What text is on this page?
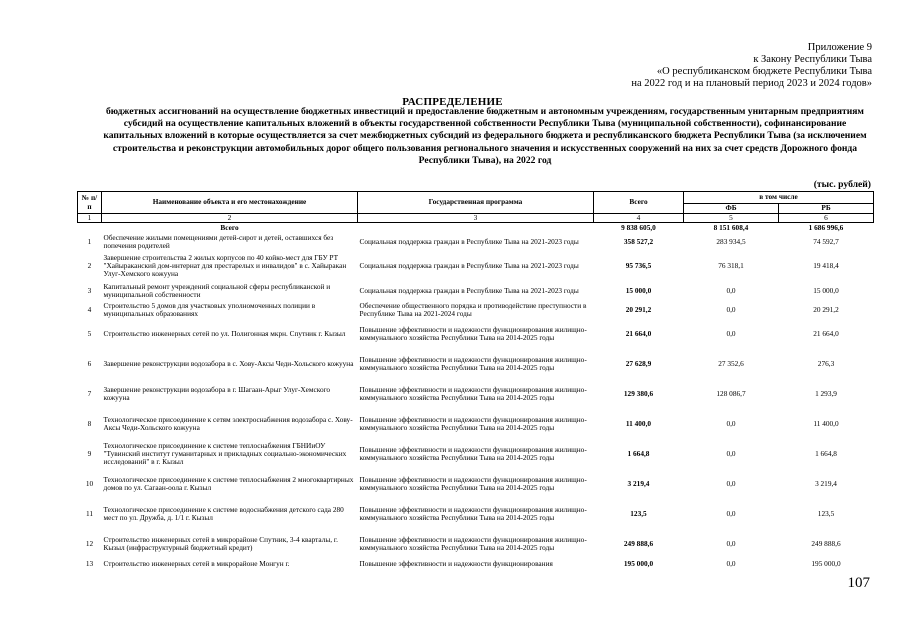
Приложение 9
к Закону Республики Тыва
«О республиканском бюджете Республики Тыва
на 2022 год и на плановый период 2023 и 2024 годов»
РАСПРЕДЕЛЕНИЕ
бюджетных ассигнований на осуществление бюджетных инвестиций и предоставление бюджетным и автономным учреждениям, государственным унитарным предприятиям субсидий на осуществление капитальных вложений в объекты государственной собственности Республики Тыва (муниципальной собственности), софинансирование капитальных вложений в которые осуществляется за счет межбюджетных субсидий из федерального бюджета и республиканского бюджета Республики Тыва (за исключением строительства и реконструкции автомобильных дорог общего пользования регионального значения и искусственных сооружений на них за счет средств Дорожного фонда Республики Тыва), на 2022 год
(тыс. рублей)
№ п/п	Наименование объекта и его местонахождение	Государственная программа	Всего	в том числе	
				ФБ	РБ
1	2	3	4	5	6
	Всего		9 838 605,0	8 151 608,4	1 686 996,6
1	Обеспечение жилыми помещениями детей-сирот и детей, оставшихся без попечения родителей	Социальная поддержка граждан в Республике Тыва на 2021-2023 годы	358 527,2	283 934,5	74 592,7
2	Завершение строительства 2 жилых корпусов по 40 койко-мест для ГБУ РТ "Хайыраканский дом-интернат для престарелых и инвалидов" в с. Хайыракан Улуг-Хемского кожууна	Социальная поддержка граждан в Республике Тыва на 2021-2023 годы	95 736,5	76 318,1	19 418,4
3	Капитальный ремонт учреждений социальной сферы республиканской и муниципальной собственности	Социальная поддержка граждан в Республике Тыва на 2021-2023 годы	15 000,0	0,0	15 000,0
4	Строительство 5 домов для участковых уполномоченных полиции в муниципальных образованиях	Обеспечение общественного порядка и противодействие преступности в Республике Тыва на 2021-2024 годы	20 291,2	0,0	20 291,2
5	Строительство инженерных сетей по ул. Полигонная мкрн. Спутник г. Кызыл	Повышение эффективности и надежности функционирования жилищно-коммунального хозяйства Республики Тыва на 2014-2025 годы	21 664,0	0,0	21 664,0
6	Завершение реконструкции водозабора в с. Хову-Аксы Чеди-Хольского кожууна	Повышение эффективности и надежности функционирования жилищно-коммунального хозяйства Республики Тыва на 2014-2025 годы	27 628,9	27 352,6	276,3
7	Завершение реконструкции водозабора в г. Шагаан-Арыг Улуг-Хемского кожууна	Повышение эффективности и надежности функционирования жилищно-коммунального хозяйства Республики Тыва на 2014-2025 годы	129 380,6	128 086,7	1 293,9
8	Технологическое присоединение к сетям электроснабжения водозабора с. Хову-Аксы Чеди-Хольского кожууна	Повышение эффективности и надежности функционирования жилищно-коммунального хозяйства Республики Тыва на 2014-2025 годы	11 400,0	0,0	11 400,0
9	Технологическое присоединение к системе теплоснабжения ГБНИиОУ "Тувинский институт гуманитарных и прикладных социально-экономических исследований" в г. Кызыл	Повышение эффективности и надежности функционирования жилищно-коммунального хозяйства Республики Тыва на 2014-2025 годы	1 664,8	0,0	1 664,8
10	Технологическое присоединение к системе теплоснабжения 2 многоквартирных домов по ул. Сагаан-оола г. Кызыл	Повышение эффективности и надежности функционирования жилищно-коммунального хозяйства Республики Тыва на 2014-2025 годы	3 219,4	0,0	3 219,4
11	Технологическое присоединение к системе водоснабжения детского сада 280 мест по ул. Дружба, д. 1/1 г. Кызыл	Повышение эффективности и надежности функционирования жилищно-коммунального хозяйства Республики Тыва на 2014-2025 годы	123,5	0,0	123,5
12	Строительство инженерных сетей в микрорайоне Спутник, 3-4 кварталы, г. Кызыл (инфраструктурный бюджетный кредит)	Повышение эффективности и надежности функционирования жилищно-коммунального хозяйства Республики Тыва на 2014-2025 годы	249 888,6	0,0	249 888,6
13	Строительство инженерных сетей в микрорайоне Монгун г.	Повышение эффективности и надежности функционирования	195 000,0	0,0	195 000,0
107
